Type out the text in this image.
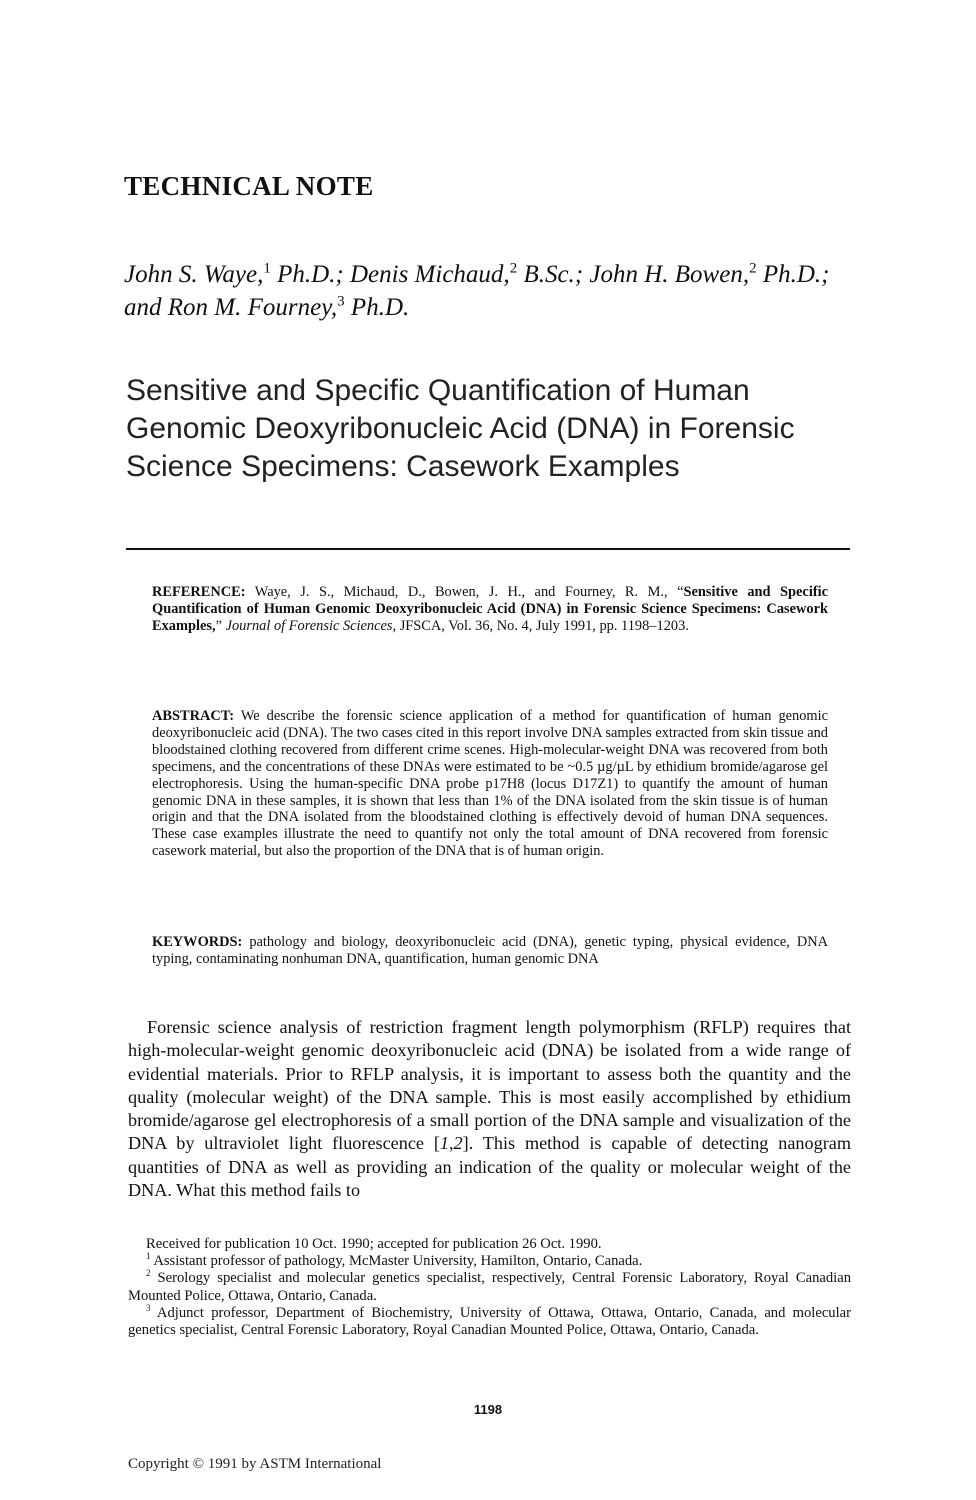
TECHNICAL NOTE
John S. Waye,$^1$ Ph.D.; Denis Michaud,$^2$ B.Sc.; John H. Bowen,$^2$ Ph.D.; and Ron M. Fourney,$^3$ Ph.D.
Sensitive and Specific Quantification of Human Genomic Deoxyribonucleic Acid (DNA) in Forensic Science Specimens: Casework Examples
REFERENCE: Waye, J. S., Michaud, D., Bowen, J. H., and Fourney, R. M., “Sensitive and Specific Quantification of Human Genomic Deoxyribonucleic Acid (DNA) in Forensic Science Specimens: Casework Examples,” Journal of Forensic Sciences, JFSCA, Vol. 36, No. 4, July 1991, pp. 1198–1203.
ABSTRACT: We describe the forensic science application of a method for quantification of human genomic deoxyribonucleic acid (DNA). The two cases cited in this report involve DNA samples extracted from skin tissue and bloodstained clothing recovered from different crime scenes. High-molecular-weight DNA was recovered from both specimens, and the concentrations of these DNAs were estimated to be ~0.5 µg/µL by ethidium bromide/agarose gel electrophoresis. Using the human-specific DNA probe p17H8 (locus D17Z1) to quantify the amount of human genomic DNA in these samples, it is shown that less than 1% of the DNA isolated from the skin tissue is of human origin and that the DNA isolated from the bloodstained clothing is effectively devoid of human DNA sequences. These case examples illustrate the need to quantify not only the total amount of DNA recovered from forensic casework material, but also the proportion of the DNA that is of human origin.
KEYWORDS: pathology and biology, deoxyribonucleic acid (DNA), genetic typing, physical evidence, DNA typing, contaminating nonhuman DNA, quantification, human genomic DNA

Forensic science analysis of restriction fragment length polymorphism (RFLP) requires that high-molecular-weight genomic deoxyribonucleic acid (DNA) be isolated from a wide range of evidential materials. Prior to RFLP analysis, it is important to assess both the quantity and the quality (molecular weight) of the DNA sample. This is most easily accomplished by ethidium bromide/agarose gel electrophoresis of a small portion of the DNA sample and visualization of the DNA by ultraviolet light fluorescence [1,2]. This method is capable of detecting nanogram quantities of DNA as well as providing an indication of the quality or molecular weight of the DNA. What this method fails to

Received for publication 10 Oct. 1990; accepted for publication 26 Oct. 1990.

$^1$ Assistant professor of pathology, McMaster University, Hamilton, Ontario, Canada.

$^2$ Serology specialist and molecular genetics specialist, respectively, Central Forensic Laboratory, Royal Canadian Mounted Police, Ottawa, Ontario, Canada.

$^3$ Adjunct professor, Department of Biochemistry, University of Ottawa, Ottawa, Ontario, Canada, and molecular genetics specialist, Central Forensic Laboratory, Royal Canadian Mounted Police, Ottawa, Ontario, Canada.

1198
Copyright © 1991 by ASTM International
